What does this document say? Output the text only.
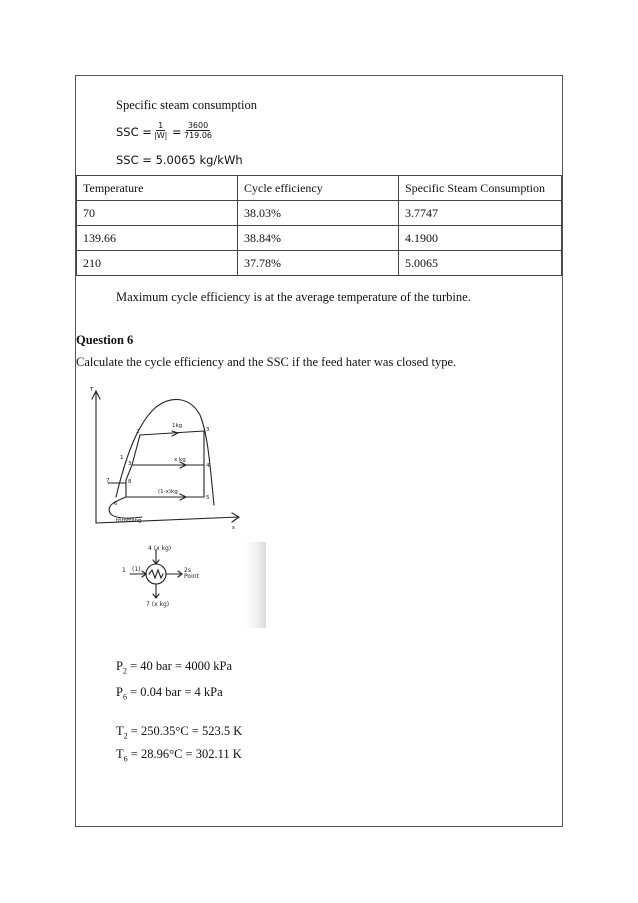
Specific steam consumption
SSC = $\frac{1}{|W|} = \frac{3600}{719.06}$
SSC = 5.0065 kg/kWh
Temperature	Cycle efficiency	Specific Steam Consumption
70	38.03%	3.7747
139.66	38.84%	4.1900
210	37.78%	5.0065
Maximum cycle efficiency is at the average temperature of the turbine.
Question 6
Calculate the cycle efficiency and the SSC if the feed hater was closed type.
2	3
1kg
3	4
x kg
(1-x)kg
5
1
7	8
6
throttling
T
s
4 (x kg)
1 (1)	2s
Point
7 (x kg)
$P_2 = 40$ bar = 4000 kPa
$P_6 = 0.04$ bar = 4 kPa
$T_2 = 250.35^\circ C = 523.5$ K
$T_6 = 28.96^\circ C = 302.11$ K
